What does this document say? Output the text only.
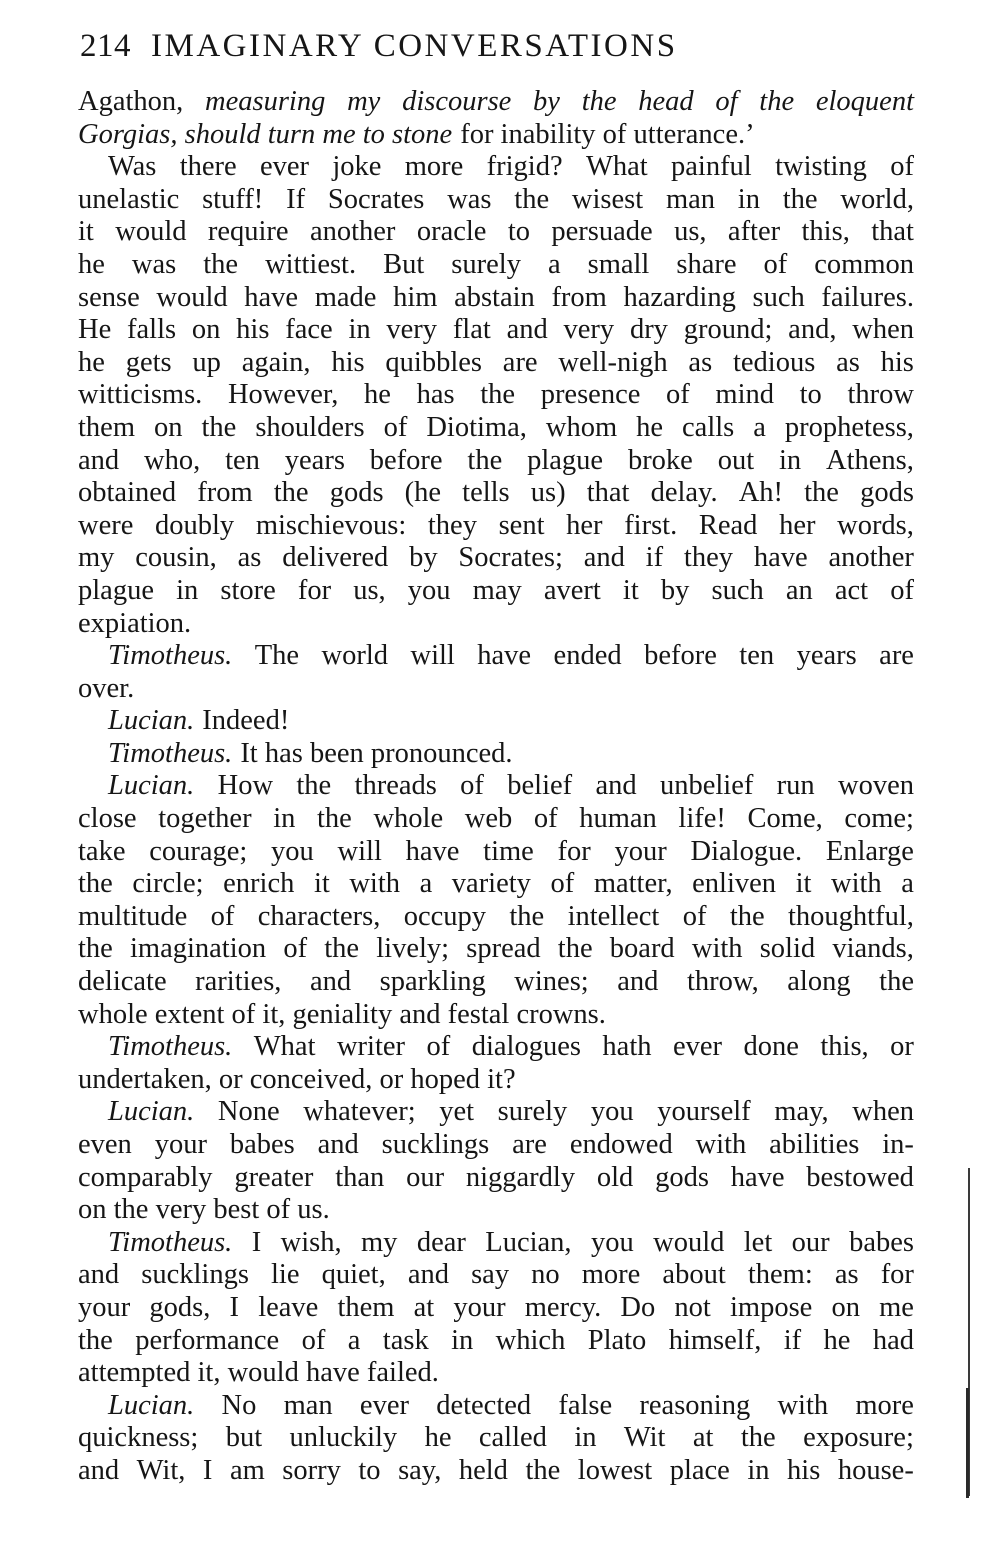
214 IMAGINARY CONVERSATIONS
Agathon, measuring my discourse by the head of the eloquent
Gorgias, should turn me to stone for inability of utterance.’
Was there ever joke more frigid? What painful twisting of
unelastic stuff! If Socrates was the wisest man in the world,
it would require another oracle to persuade us, after this, that
he was the wittiest. But surely a small share of common
sense would have made him abstain from hazarding such failures.
He falls on his face in very flat and very dry ground; and, when
he gets up again, his quibbles are well-nigh as tedious as his
witticisms. However, he has the presence of mind to throw
them on the shoulders of Diotima, whom he calls a prophetess,
and who, ten years before the plague broke out in Athens,
obtained from the gods (he tells us) that delay. Ah! the gods
were doubly mischievous: they sent her first. Read her words,
my cousin, as delivered by Socrates; and if they have another
plague in store for us, you may avert it by such an act of
expiation.
Timotheus. The world will have ended before ten years are
over.
Lucian. Indeed!
Timotheus. It has been pronounced.
Lucian. How the threads of belief and unbelief run woven
close together in the whole web of human life! Come, come;
take courage; you will have time for your Dialogue. Enlarge
the circle; enrich it with a variety of matter, enliven it with a
multitude of characters, occupy the intellect of the thoughtful,
the imagination of the lively; spread the board with solid viands,
delicate rarities, and sparkling wines; and throw, along the
whole extent of it, geniality and festal crowns.
Timotheus. What writer of dialogues hath ever done this, or
undertaken, or conceived, or hoped it?
Lucian. None whatever; yet surely you yourself may, when
even your babes and sucklings are endowed with abilities in-
comparably greater than our niggardly old gods have bestowed
on the very best of us.
Timotheus. I wish, my dear Lucian, you would let our babes
and sucklings lie quiet, and say no more about them: as for
your gods, I leave them at your mercy. Do not impose on me
the performance of a task in which Plato himself, if he had
attempted it, would have failed.
Lucian. No man ever detected false reasoning with more
quickness; but unluckily he called in Wit at the exposure;
and Wit, I am sorry to say, held the lowest place in his house-
